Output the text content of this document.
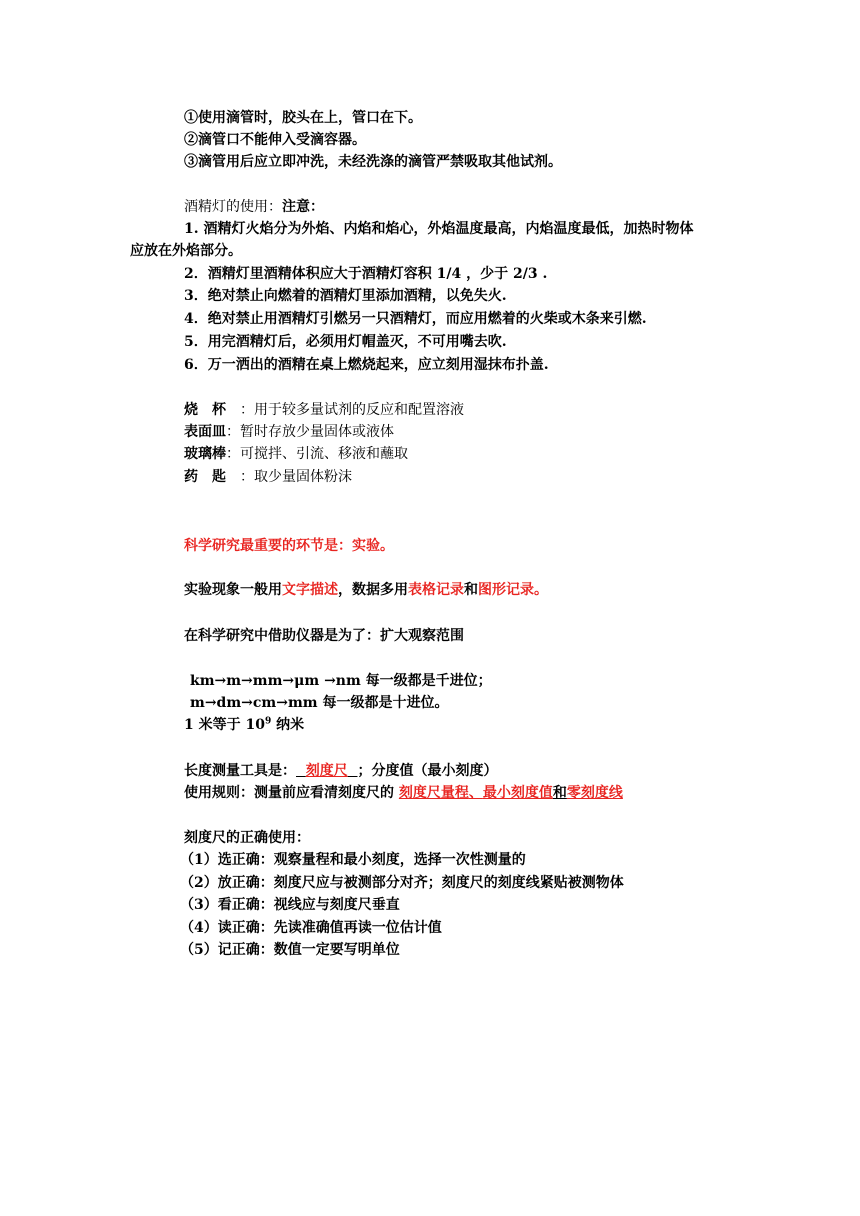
①使用滴管时，胶头在上，管口在下。
②滴管口不能伸入受滴容器。
③滴管用后应立即冲洗，未经洗涤的滴管严禁吸取其他试剂。
酒精灯的使用：注意：
1. 酒精灯火焰分为外焰、内焰和焰心，外焰温度最高，内焰温度最低，加热时物体
应放在外焰部分。
2．酒精灯里酒精体积应大于酒精灯容积 1/4 ，少于 2/3 .
3．绝对禁止向燃着的酒精灯里添加酒精，以免失火.
4．绝对禁止用酒精灯引燃另一只酒精灯，而应用燃着的火柴或木条来引燃.
5．用完酒精灯后，必须用灯帽盖灭，不可用嘴去吹.
6．万一洒出的酒精在桌上燃烧起来，应立刻用湿抹布扑盖.
烧 杯 ：用于较多量试剂的反应和配置溶液
表面皿：暂时存放少量固体或液体
玻璃棒：可搅拌、引流、移液和蘸取
药 匙 ：取少量固体粉沫
科学研究最重要的环节是：实验。
实验现象一般用文字描述，数据多用表格记录和图形记录。
在科学研究中借助仪器是为了：扩大观察范围
km→m→mm→μm →nm 每一级都是千进位；
m→dm→cm→mm 每一级都是十进位。
1 米等于 $10^9$ 纳米
长度测量工具是： 刻度尺 ；分度值（最小刻度）
使用规则：测量前应看清刻度尺的 刻度尺量程、最小刻度值和零刻度线
刻度尺的正确使用：
（1）选正确：观察量程和最小刻度，选择一次性测量的
（2）放正确：刻度尺应与被测部分对齐；刻度尺的刻度线紧贴被测物体
（3）看正确：视线应与刻度尺垂直
（4）读正确：先读准确值再读一位估计值
（5）记正确：数值一定要写明单位
